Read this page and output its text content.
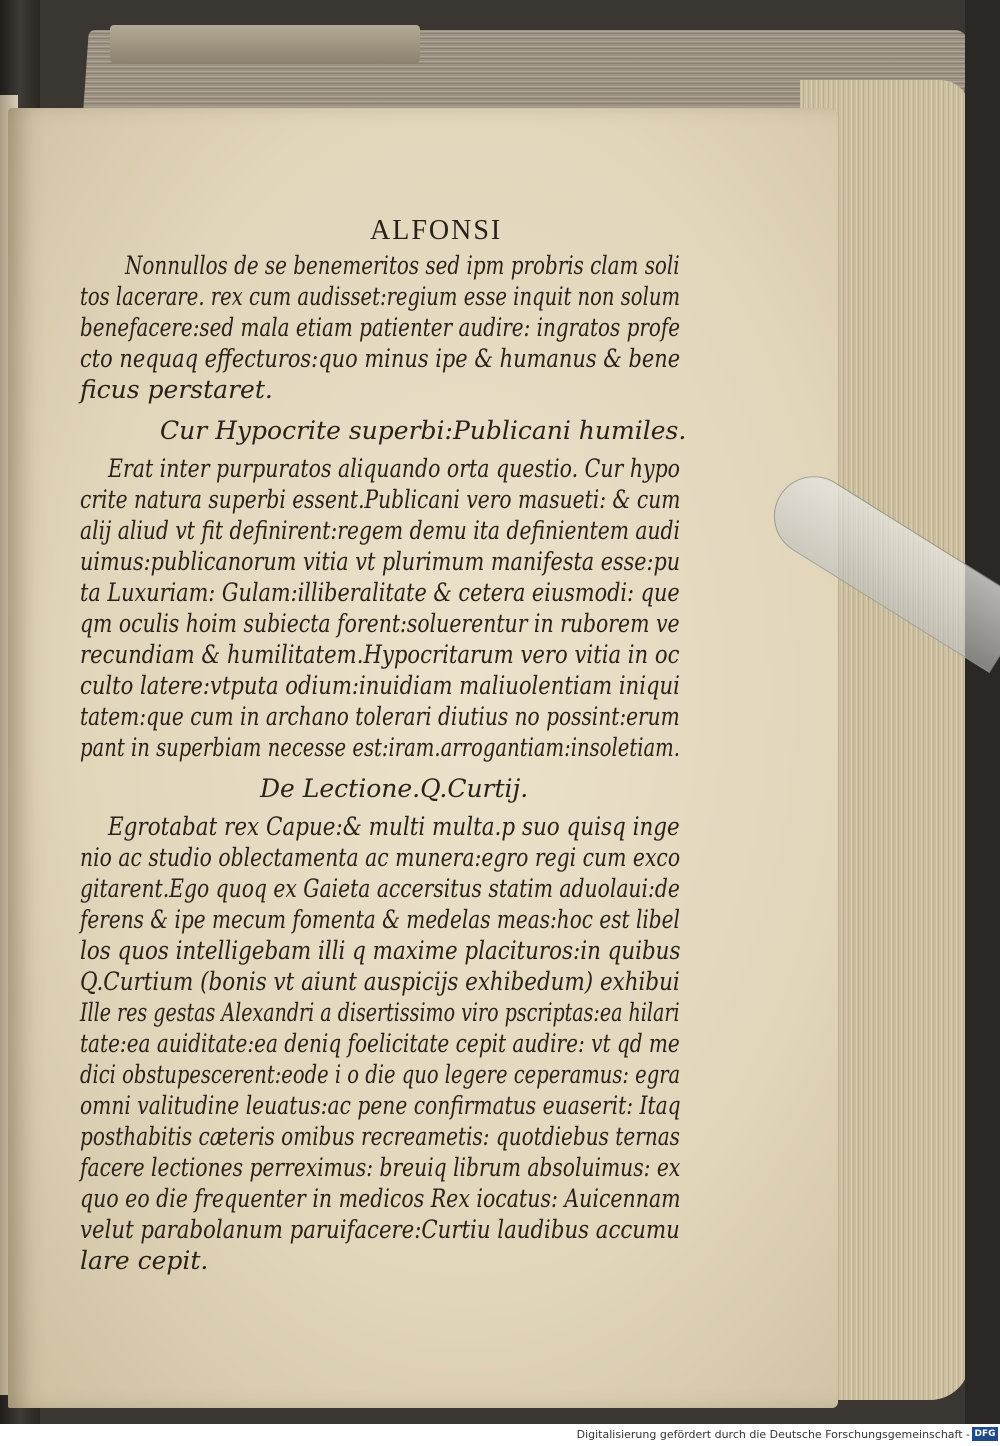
ALFONSI
Nonnullos de se benemeritos sed ipm probris clam soli
tos lacerare. rex cum audisset:regium esse inquit non solum
benefacere:sed mala etiam patienter audire: ingratos profe
cto nequaq effecturos:quo minus ipe & humanus & bene
ficus perstaret.
Cur Hypocrite superbi:Publicani humiles.
Erat inter purpuratos aliquando orta questio. Cur hypo
crite natura superbi essent.Publicani vero masueti: & cum
alij aliud vt fit definirent:regem demu ita definientem audi
uimus:publicanorum vitia vt plurimum manifesta esse:pu
ta Luxuriam: Gulam:illiberalitate & cetera eiusmodi: que
qm oculis hoim subiecta forent:soluerentur in ruborem ve
recundiam & humilitatem.Hypocritarum vero vitia in oc
culto latere:vtputa odium:inuidiam maliuolentiam iniqui
tatem:que cum in archano tolerari diutius no possint:erum
pant in superbiam necesse est:iram.arrogantiam:insoletiam.
De Lectione.Q.Curtij.
Egrotabat rex Capue:& multi multa.p suo quisq inge
nio ac studio oblectamenta ac munera:egro regi cum exco
gitarent.Ego quoq ex Gaieta accersitus statim aduolaui:de
ferens & ipe mecum fomenta & medelas meas:hoc est libel
los quos intelligebam illi q maxime placituros:in quibus
Q.Curtium (bonis vt aiunt auspicijs exhibedum) exhibui
Ille res gestas Alexandri a disertissimo viro pscriptas:ea hilari
tate:ea auiditate:ea deniq foelicitate cepit audire: vt qd me
dici obstupescerent:eode i o die quo legere ceperamus: egra
omni valitudine leuatus:ac pene confirmatus euaserit: Itaq
posthabitis cæteris omibus recreametis: quotdiebus ternas
facere lectiones perreximus: breuiq librum absoluimus: ex
quo eo die frequenter in medicos Rex iocatus: Auicennam
velut parabolanum paruifacere:Curtiu laudibus accumu
lare cepit.
Digitalisierung gefördert durch die Deutsche Forschungsgemeinschaft - DFG
